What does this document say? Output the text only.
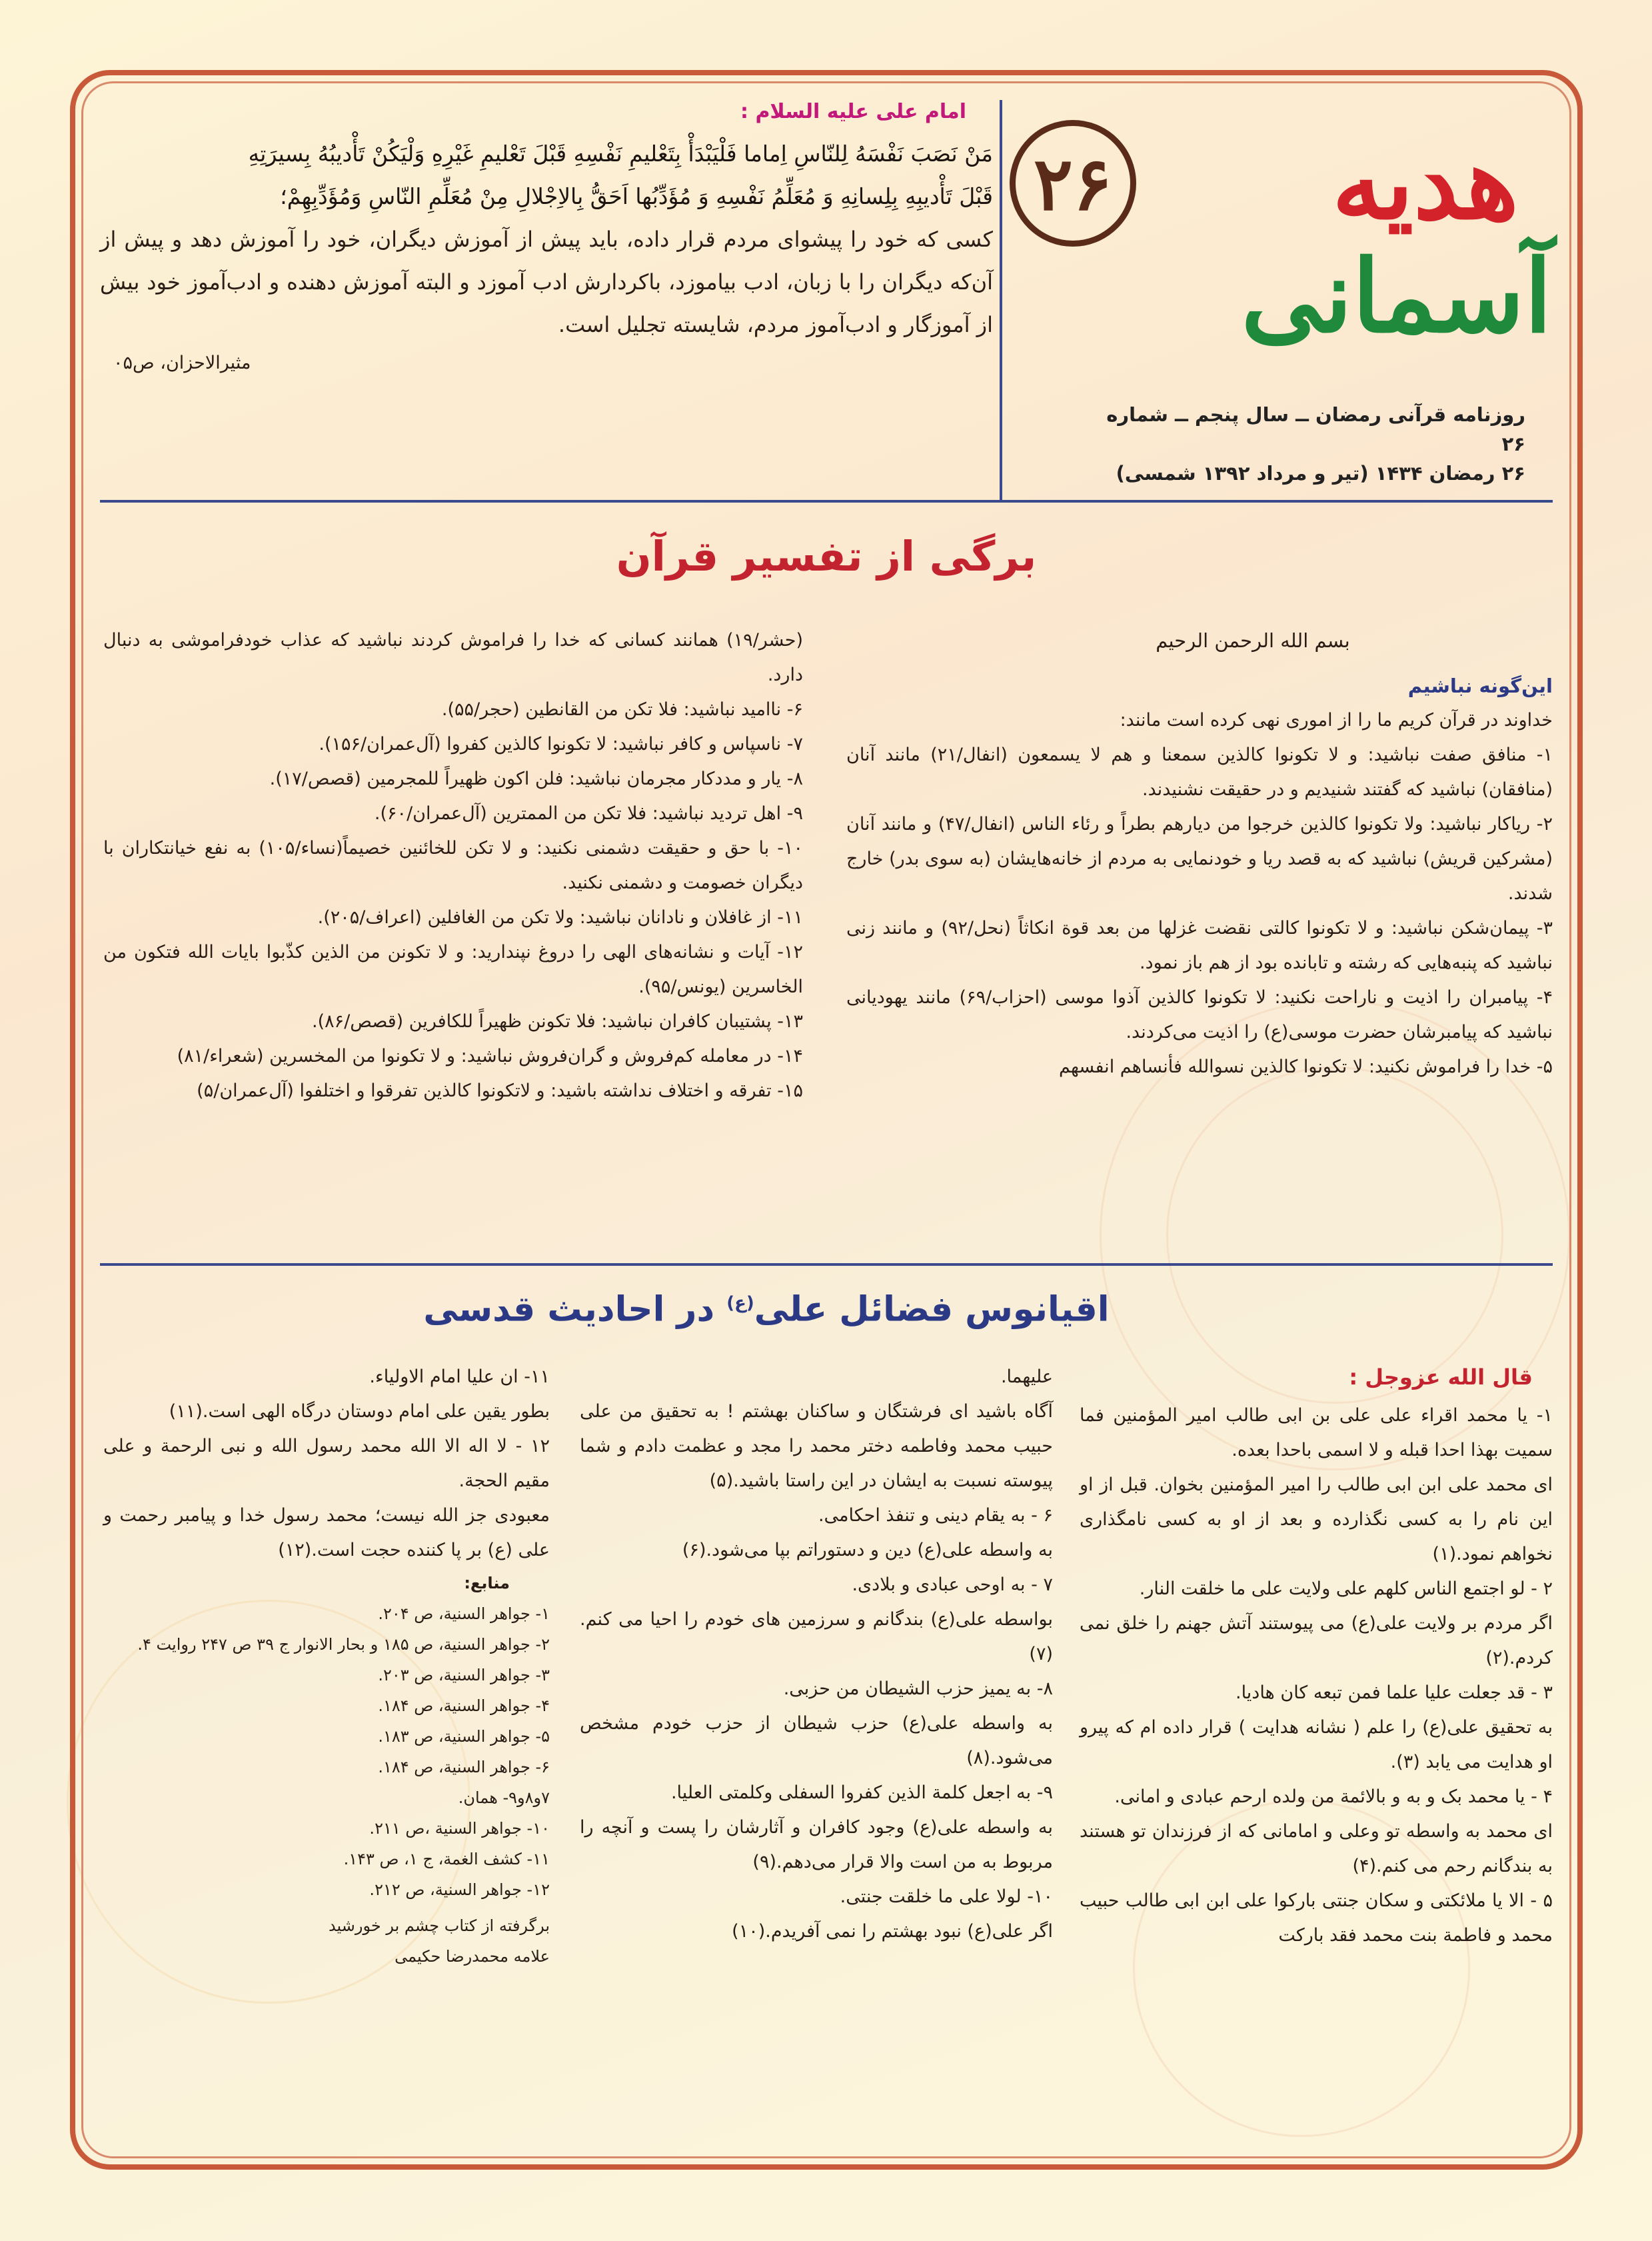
هدیه
آسمانی
۲۶
روزنامه قرآنی رمضان ــ سال پنجم ــ شماره ۲۶
۲۶ رمضان ۱۴۳۴ (تیر و مرداد ۱۳۹۲ شمسی)
امام علی علیه السلام :
مَنْ نَصَبَ نَفْسَهُ لِلنّاسِ اِماما فَلْيَبْدَأْ بِتَعْليمِ نَفْسِهِ قَبْلَ تَعْليمِ غَيْرِهِ وَلْيَكُنْ تَأْديبُهُ بِسيرَتِهِ
قَبْلَ تَأْديبِهِ بِلِسانِهِ وَ مُعَلِّمُ نَفْسِهِ وَ مُؤَدِّبُها اَحَقُّ بِالاِجْلالِ مِنْ مُعَلِّمِ النّاسِ وَمُؤَدِّبِهِمْ؛
کسی که خود را پیشوای مردم قرار داده، باید پیش از آموزش دیگران، خود را آموزش دهد و پیش از آن‌که دیگران را با زبان، ادب بیاموزد، باکردارش ادب آموزد و البته آموزش دهنده و ادب‌آموز خود بیش از آموزگار و ادب‌آموز مردم، شایسته تجلیل است.
مثیرالاحزان، ص۰۵
برگی از تفسیر قرآن

بسم الله الرحمن الرحیم

این‌گونه نباشیم

خداوند در قرآن کریم ما را از اموری نهی کرده است مانند:

۱- منافق صفت نباشید: و لا تکونوا کالذین سمعنا و هم لا یسمعون (انفال/۲۱) مانند آنان (منافقان) نباشید که گفتند شنیدیم و در حقیقت نشنیدند.

۲- ریاکار نباشید: ولا تکونوا کالذین خرجوا من دیارهم بطراً و رئاء الناس (انفال/۴۷) و مانند آنان (مشرکین قریش) نباشید که به قصد ریا و خودنمایی به مردم از خانه‌هایشان (به سوی بدر) خارج شدند.

۳- پیمان‌شکن نباشید: و لا تکونوا کالتی نقضت غزلها من بعد قوة انکاثاً (نحل/۹۲) و مانند زنی نباشید که پنبه‌هایی که رشته و تابانده بود از هم باز نمود.

۴- پیامبران را اذیت و ناراحت نکنید: لا تکونوا کالذین آذوا موسی (احزاب/۶۹) مانند یهودیانی نباشید که پیامبرشان حضرت موسی(ع) را اذیت می‌کردند.

۵- خدا را فراموش نکنید: لا تکونوا کالذین نسوالله فأنساهم انفسهم

(حشر/۱۹) همانند کسانی که خدا را فراموش کردند نباشید که عذاب خودفراموشی به دنبال دارد.

۶- ناامید نباشید: فلا تکن من القانطین (حجر/۵۵).

۷- ناسپاس و کافر نباشید: لا تکونوا کالذین کفروا (آل‌عمران/۱۵۶).

۸- یار و مددکار مجرمان نباشید: فلن اکون ظهیراً للمجرمین (قصص/۱۷).

۹- اهل تردید نباشید: فلا تکن من الممترین (آل‌عمران/۶۰).

۱۰- با حق و حقیقت دشمنی نکنید: و لا تکن للخائنین خصیماً(نساء/۱۰۵) به نفع خیانتکاران با دیگران خصومت و دشمنی نکنید.

۱۱- از غافلان و نادانان نباشید: ولا تکن من الغافلین (اعراف/۲۰۵).

۱۲- آیات و نشانه‌های الهی را دروغ نپندارید: و لا تکونن من الذین کذّبوا بایات الله فتکون من الخاسرین (یونس/۹۵).

۱۳- پشتیبان کافران نباشید: فلا تکونن ظهیراً للکافرین (قصص/۸۶).

۱۴- در معامله کم‌فروش و گران‌فروش نباشید: و لا تکونوا من المخسرین (شعراء/۸۱)

۱۵- تفرقه و اختلاف نداشته باشید: و لاتکونوا کالذین تفرقوا و اختلفوا (آل‌عمران/۵)

اقیانوس فضائل علی$^{(ع)}$ در احادیث قدسی

قال الله عزوجل :

۱- یا محمد اقراء علی علی بن ابی طالب امیر المؤمنین فما سمیت بهذا احدا قبله و لا اسمی باحدا بعده.

ای محمد علی ابن ابی طالب را امیر المؤمنین بخوان. قبل از او این نام را به کسی نگذارده و بعد از او به کسی نامگذاری نخواهم نمود.(۱)

۲ - لو اجتمع الناس کلهم علی ولایت علی ما خلقت النار.

اگر مردم بر ولایت علی(ع) می پیوستند آتش جهنم را خلق نمی کردم.(۲)

۳ - قد جعلت علیا علما فمن تبعه کان هادیا.

به تحقیق علی(ع) را علم ( نشانه هدایت ) قرار داده ام که پیرو او هدایت می یابد (۳).

۴ - یا محمد بک و به و بالائمة من ولده ارحم عبادی و امانی.

ای محمد به واسطه تو وعلی و امامانی که از فرزندان تو هستند به بندگانم رحم می کنم.(۴)

۵ - الا یا ملائکتی و سکان جنتی بارکوا علی ابن ابی طالب حبیب محمد و فاطمة بنت محمد فقد بارکت

علیهما.

آگاه باشید ای فرشتگان و ساکنان بهشتم ! به تحقیق من علی حبیب محمد وفاطمه دختر محمد را مجد و عظمت دادم و شما پیوسته نسبت به ایشان در این راستا باشید.(۵)

۶ - به یقام دینی و تنفذ احکامی.

به واسطه علی(ع) دین و دستوراتم بپا می‌شود.(۶)

۷ - به اوحی عبادی و بلادی.

بواسطه علی(ع) بندگانم و سرزمین های خودم را احیا می کنم. (۷)

۸- به یمیز حزب الشیطان من حزبی.

به واسطه علی(ع) حزب شیطان از حزب خودم مشخص می‌شود.(۸)

۹- به اجعل کلمة الذین کفروا السفلی وکلمتی العلیا.

به واسطه علی(ع) وجود کافران و آثارشان را پست و آنچه را مربوط به من است والا قرار می‌دهم.(۹)

۱۰- لولا علی ما خلقت جنتی.

اگر علی(ع) نبود بهشتم را نمی آفریدم.(۱۰)

۱۱- ان علیا امام الاولیاء.

بطور یقین علی امام دوستان درگاه الهی است.(۱۱)

۱۲ - لا اله الا الله محمد رسول الله و نبی الرحمة و علی مقیم الحجة.

معبودی جز الله نیست؛ محمد رسول خدا و پیامبر رحمت و علی (ع) بر پا کننده حجت است.(۱۲)

منابع:

۱- جواهر السنیة، ص ۲۰۴.

۲- جواهر السنیة، ص ۱۸۵ و بحار الانوار ج ۳۹ ص ۲۴۷ روایت ۴.

۳- جواهر السنیة، ص ۲۰۳.

۴- جواهر السنیة، ص ۱۸۴.

۵- جواهر السنیة، ص ۱۸۳.

۶- جواهر السنیة، ص ۱۸۴.

۷و۸و۹- همان.

۱۰- جواهر السنیة ،ص ۲۱۱.

۱۱- کشف الغمة، ج ۱، ص ۱۴۳.

۱۲- جواهر السنیة، ص ۲۱۲.

برگرفته از کتاب چشم بر خورشید

علامه محمدرضا حکیمی
